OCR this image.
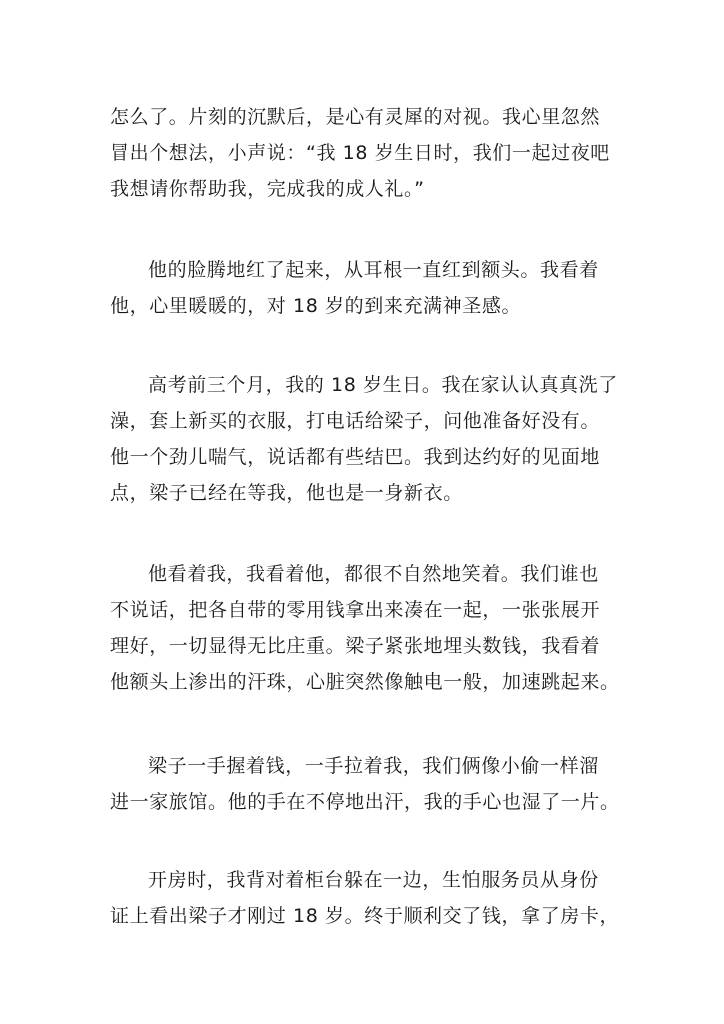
怎么了。片刻的沉默后，是心有灵犀的对视。我心里忽然
冒出个想法，小声说：“我 18 岁生日时，我们一起过夜吧
我想请你帮助我，完成我的成人礼。”

他的脸腾地红了起来，从耳根一直红到额头。我看着
他，心里暖暖的，对 18 岁的到来充满神圣感。

高考前三个月，我的 18 岁生日。我在家认认真真洗了
澡，套上新买的衣服，打电话给梁子，问他准备好没有。
他一个劲儿喘气，说话都有些结巴。我到达约好的见面地
点，梁子已经在等我，他也是一身新衣。

他看着我，我看着他，都很不自然地笑着。我们谁也
不说话，把各自带的零用钱拿出来凑在一起，一张张展开
理好，一切显得无比庄重。梁子紧张地埋头数钱，我看着
他额头上渗出的汗珠，心脏突然像触电一般，加速跳起来。

梁子一手握着钱，一手拉着我，我们俩像小偷一样溜
进一家旅馆。他的手在不停地出汗，我的手心也湿了一片。

开房时，我背对着柜台躲在一边，生怕服务员从身份
证上看出梁子才刚过 18 岁。终于顺利交了钱，拿了房卡，
